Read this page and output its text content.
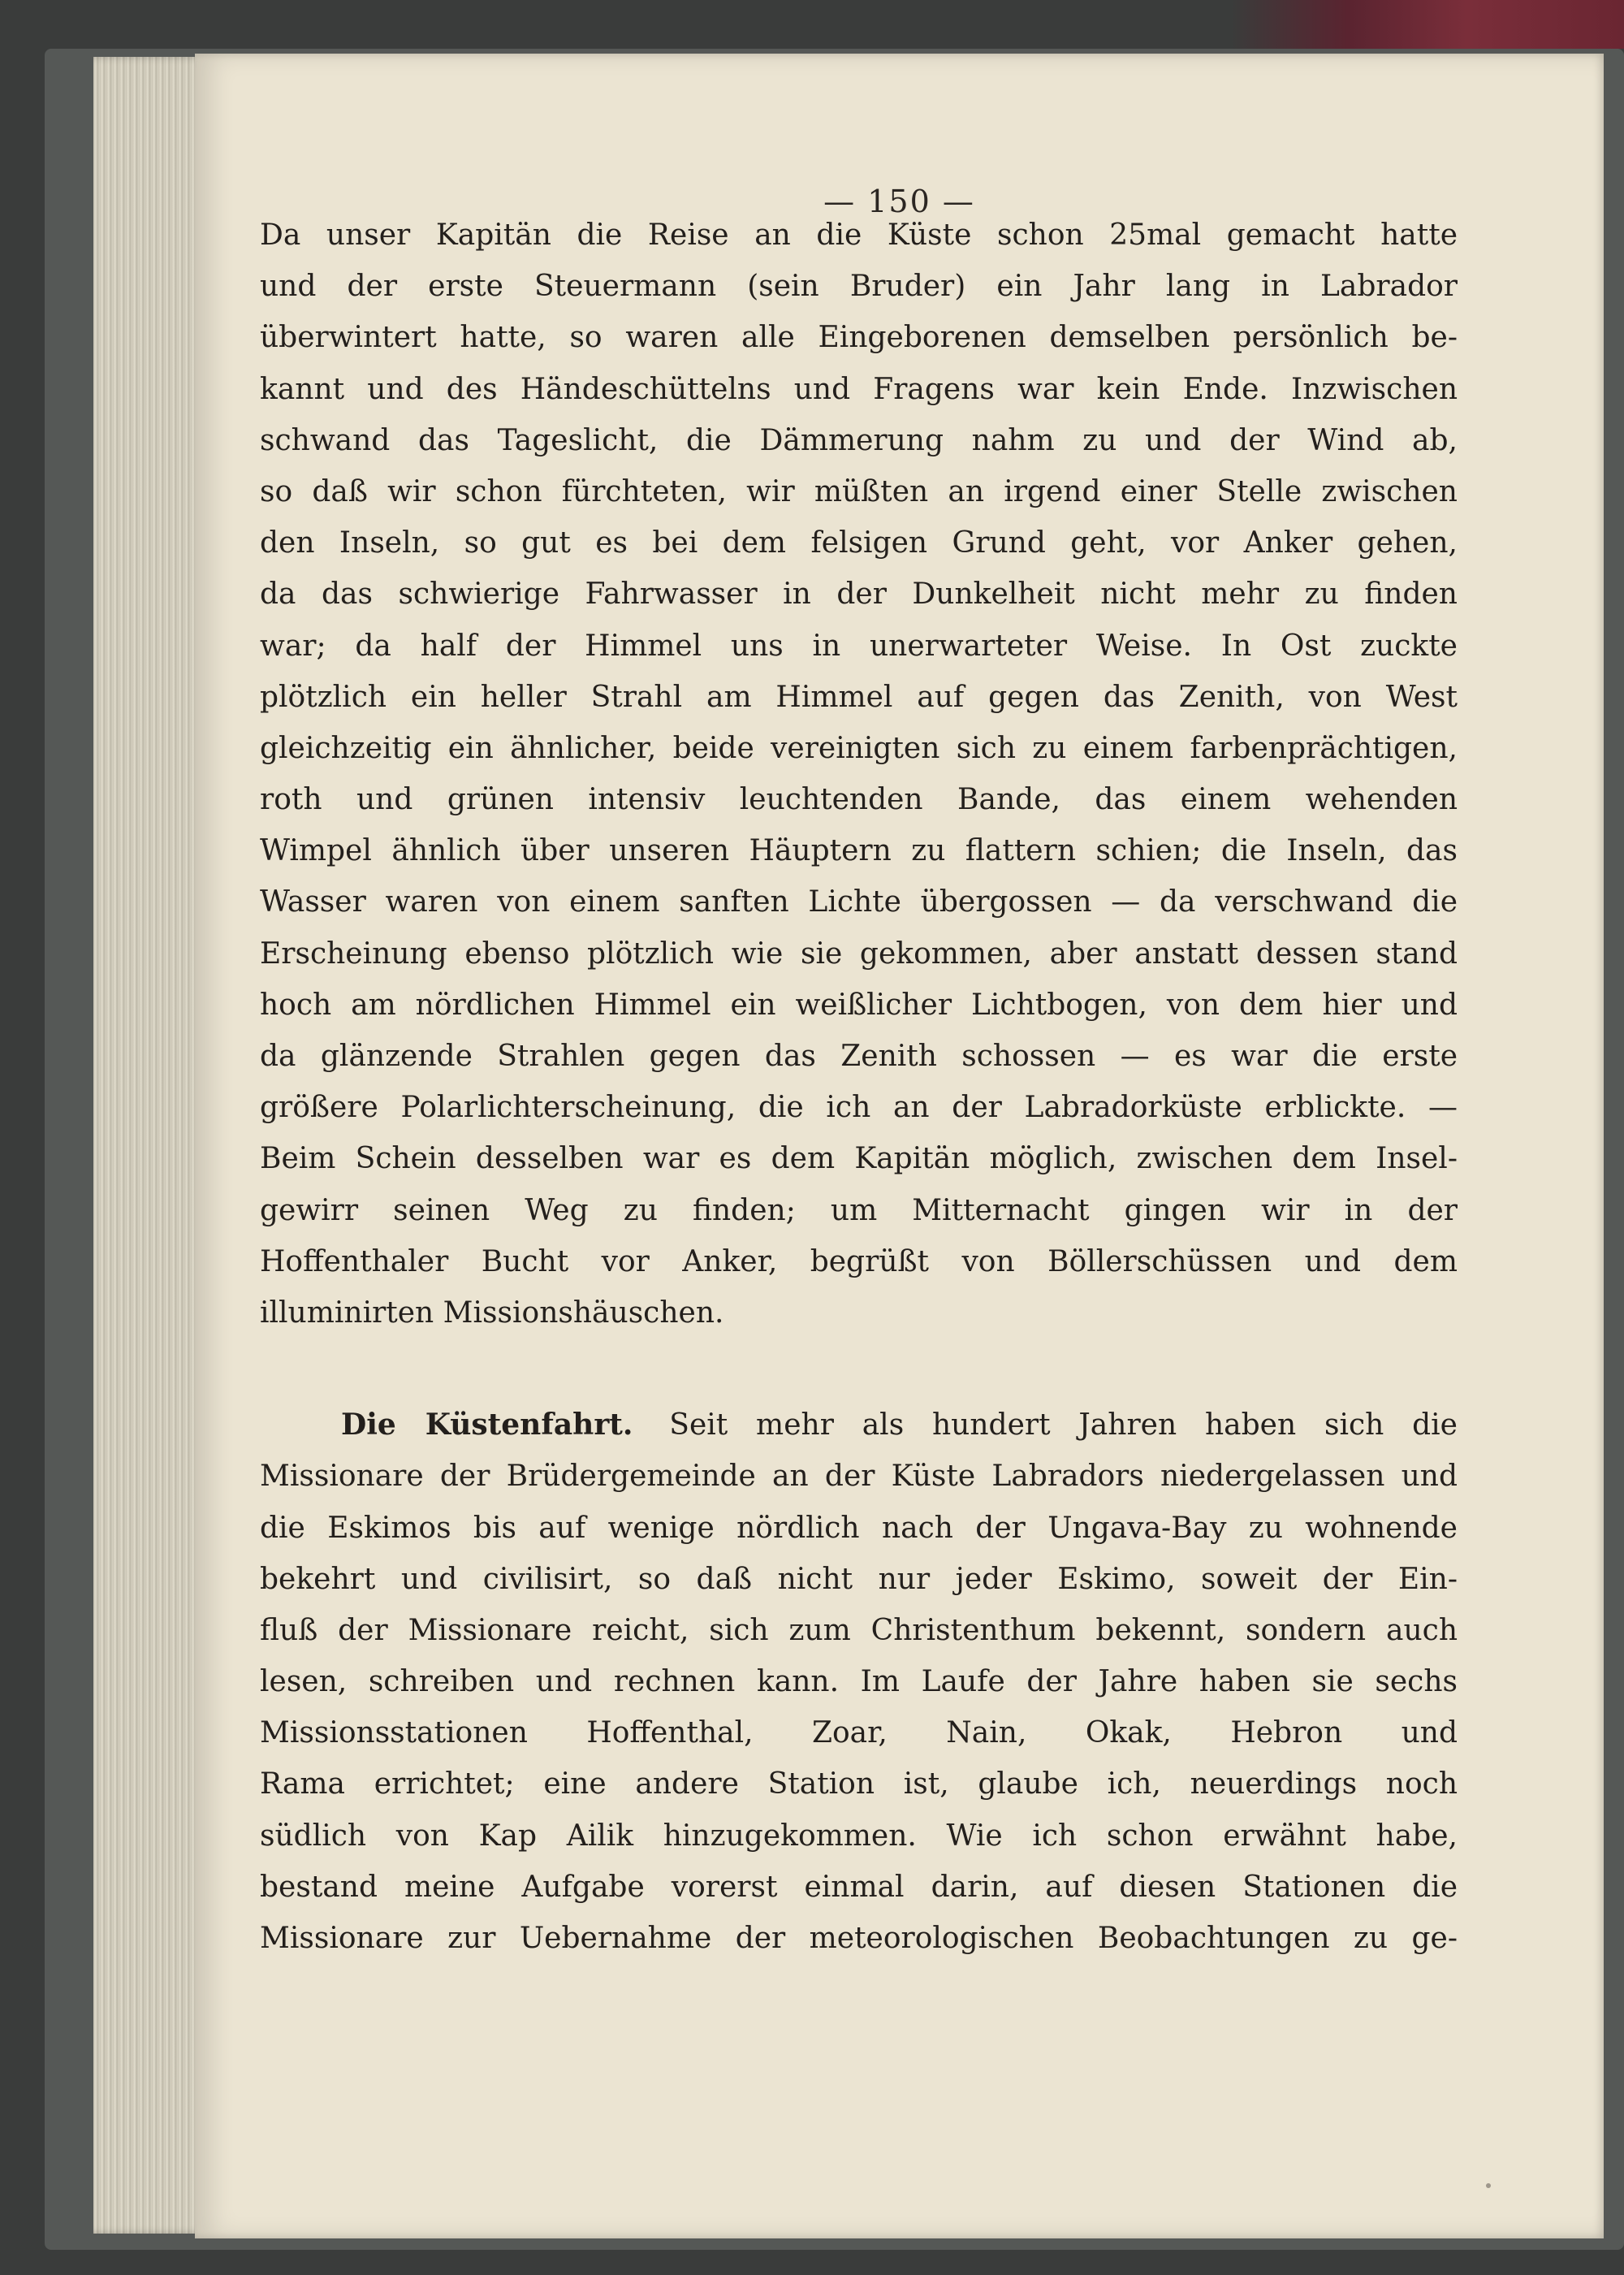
— 150 —
Da unser Kapitän die Reise an die Küste schon 25mal gemacht hatte
und der erste Steuermann (sein Bruder) ein Jahr lang in Labrador
überwintert hatte, so waren alle Eingeborenen demselben persönlich be-
kannt und des Händeschüttelns und Fragens war kein Ende. Inzwischen
schwand das Tageslicht, die Dämmerung nahm zu und der Wind ab,
so daß wir schon fürchteten, wir müßten an irgend einer Stelle zwischen
den Inseln, so gut es bei dem felsigen Grund geht, vor Anker gehen,
da das schwierige Fahrwasser in der Dunkelheit nicht mehr zu finden
war; da half der Himmel uns in unerwarteter Weise. In Ost zuckte
plötzlich ein heller Strahl am Himmel auf gegen das Zenith, von West
gleichzeitig ein ähnlicher, beide vereinigten sich zu einem farbenprächtigen,
roth und grünen intensiv leuchtenden Bande, das einem wehenden
Wimpel ähnlich über unseren Häuptern zu flattern schien; die Inseln, das
Wasser waren von einem sanften Lichte übergossen — da verschwand die
Erscheinung ebenso plötzlich wie sie gekommen, aber anstatt dessen stand
hoch am nördlichen Himmel ein weißlicher Lichtbogen, von dem hier und
da glänzende Strahlen gegen das Zenith schossen — es war die erste
größere Polarlichterscheinung, die ich an der Labradorküste erblickte. —
Beim Schein desselben war es dem Kapitän möglich, zwischen dem Insel-
gewirr seinen Weg zu finden; um Mitternacht gingen wir in der
Hoffenthaler Bucht vor Anker, begrüßt von Böllerschüssen und dem
illuminirten Missionshäuschen.
Die Küstenfahrt. Seit mehr als hundert Jahren haben sich die
Missionare der Brüdergemeinde an der Küste Labradors niedergelassen und
die Eskimos bis auf wenige nördlich nach der Ungava-Bay zu wohnende
bekehrt und civilisirt, so daß nicht nur jeder Eskimo, soweit der Ein-
fluß der Missionare reicht, sich zum Christenthum bekennt, sondern auch
lesen, schreiben und rechnen kann. Im Laufe der Jahre haben sie sechs
Missionsstationen Hoffenthal, Zoar, Nain, Okak, Hebron und
Rama errichtet; eine andere Station ist, glaube ich, neuerdings noch
südlich von Kap Ailik hinzugekommen. Wie ich schon erwähnt habe,
bestand meine Aufgabe vorerst einmal darin, auf diesen Stationen die
Missionare zur Uebernahme der meteorologischen Beobachtungen zu ge-
